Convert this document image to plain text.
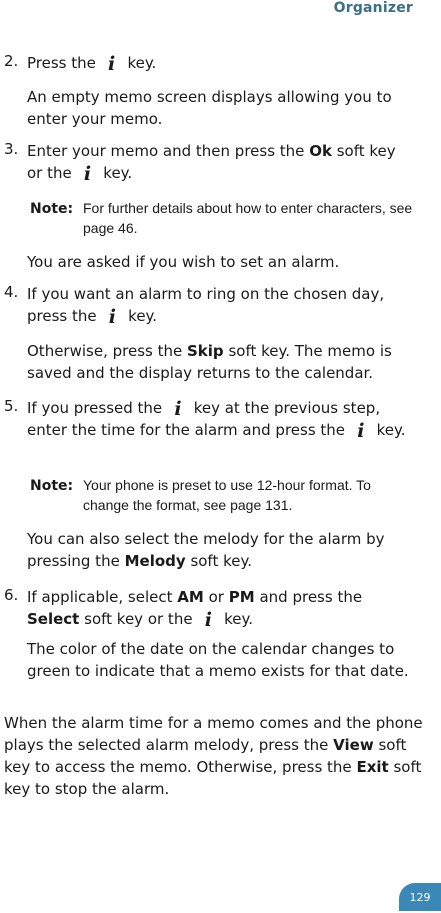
Organizer
2. Press the i key.
An empty memo screen displays allowing you to enter your memo.
3. Enter your memo and then press the Ok soft key or the i key.
Note: For further details about how to enter characters, see page 46.
You are asked if you wish to set an alarm.
4. If you want an alarm to ring on the chosen day, press the i key.
Otherwise, press the Skip soft key. The memo is saved and the display returns to the calendar.
5. If you pressed the i key at the previous step, enter the time for the alarm and press the i key.
Note: Your phone is preset to use 12-hour format. To change the format, see page 131.
You can also select the melody for the alarm by pressing the Melody soft key.
6. If applicable, select AM or PM and press the Select soft key or the i key.
The color of the date on the calendar changes to green to indicate that a memo exists for that date.
When the alarm time for a memo comes and the phone plays the selected alarm melody, press the View soft key to access the memo. Otherwise, press the Exit soft key to stop the alarm.
129
